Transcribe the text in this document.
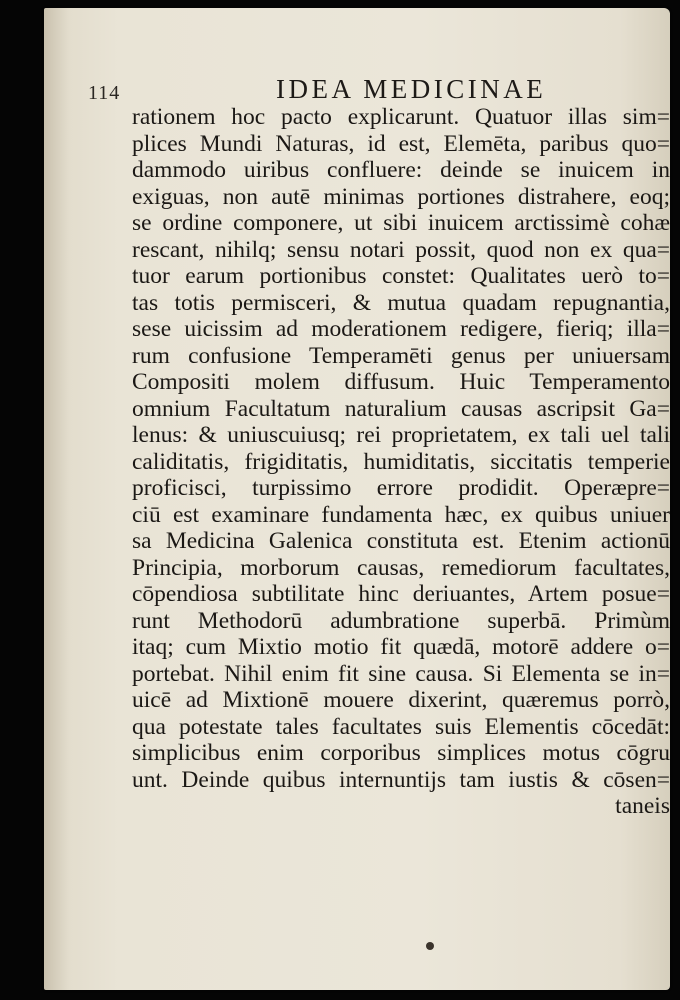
114	IDEA MEDICINAE
rationem hoc pacto explicarunt. Quatuor illas sim=
plices Mundi Naturas, id est, Elemēta, paribus quo=
dammodo uiribus confluere: deinde se inuicem in
exiguas, non autē minimas portiones distrahere, eoq;
se ordine componere, ut sibi inuicem arctissimè cohæ
rescant, nihilq; sensu notari possit, quod non ex qua=
tuor earum portionibus constet: Qualitates uerò to=
tas totis permisceri, & mutua quadam repugnantia,
sese uicissim ad moderationem redigere, fieriq; illa=
rum confusione Temperamēti genus per uniuersam
Compositi molem diffusum. Huic Temperamento
omnium Facultatum naturalium causas ascripsit Ga=
lenus: & uniuscuiusq; rei proprietatem, ex tali uel tali
caliditatis, frigiditatis, humiditatis, siccitatis temperie
proficisci, turpissimo errore prodidit. Operæpre=
ciū est examinare fundamenta hæc, ex quibus uniuer
sa Medicina Galenica constituta est. Etenim actionū
Principia, morborum causas, remediorum facultates,
cōpendiosa subtilitate hinc deriuantes, Artem posue=
runt Methodorū adumbratione superbā. Primùm
itaq; cum Mixtio motio fit quædā, motorē addere o=
portebat. Nihil enim fit sine causa. Si Elementa se in=
uicē ad Mixtionē mouere dixerint, quæremus porrò,
qua potestate tales facultates suis Elementis cōcedāt:
simplicibus enim corporibus simplices motus cōgru
unt. Deinde quibus internuntijs tam iustis & cōsen=
taneis
